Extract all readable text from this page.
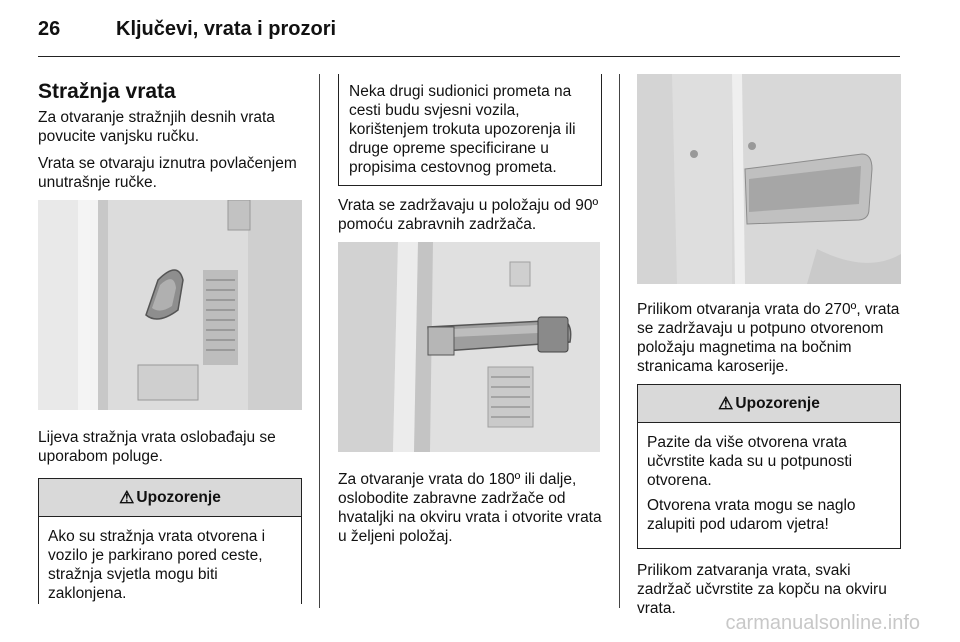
26	Ključevi, vrata i prozori
Stražnja vrata

Za otvaranje stražnjih desnih vrata povucite vanjsku ručku.

Vrata se otvaraju iznutra povlačenjem unutrašnje ručke.

Lijeva stražnja vrata oslobađaju se uporabom poluge.

⚠ Upozorenje

Ako su stražnja vrata otvorena i vozilo je parkirano pored ceste, stražnja svjetla mogu biti zaklonjena.

Neka drugi sudionici prometa na cesti budu svjesni vozila, korištenjem trokuta upozorenja ili druge opreme specificirane u propisima cestovnog prometa.

Vrata se zadržavaju u položaju od 90º pomoću zabravnih zadržača.

Za otvaranje vrata do 180º ili dalje, oslobodite zabravne zadržače od hvataljki na okviru vrata i otvorite vrata u željeni položaj.

Prilikom otvaranja vrata do 270º, vrata se zadržavaju u potpuno otvorenom položaju magnetima na bočnim stranicama karoserije.

⚠ Upozorenje

Pazite da više otvorena vrata učvrstite kada su u potpunosti otvorena.

Otvorena vrata mogu se naglo zalupiti pod udarom vjetra!

Prilikom zatvaranja vrata, svaki zadržač učvrstite za kopču na okviru vrata.

carmanualsonline.info
